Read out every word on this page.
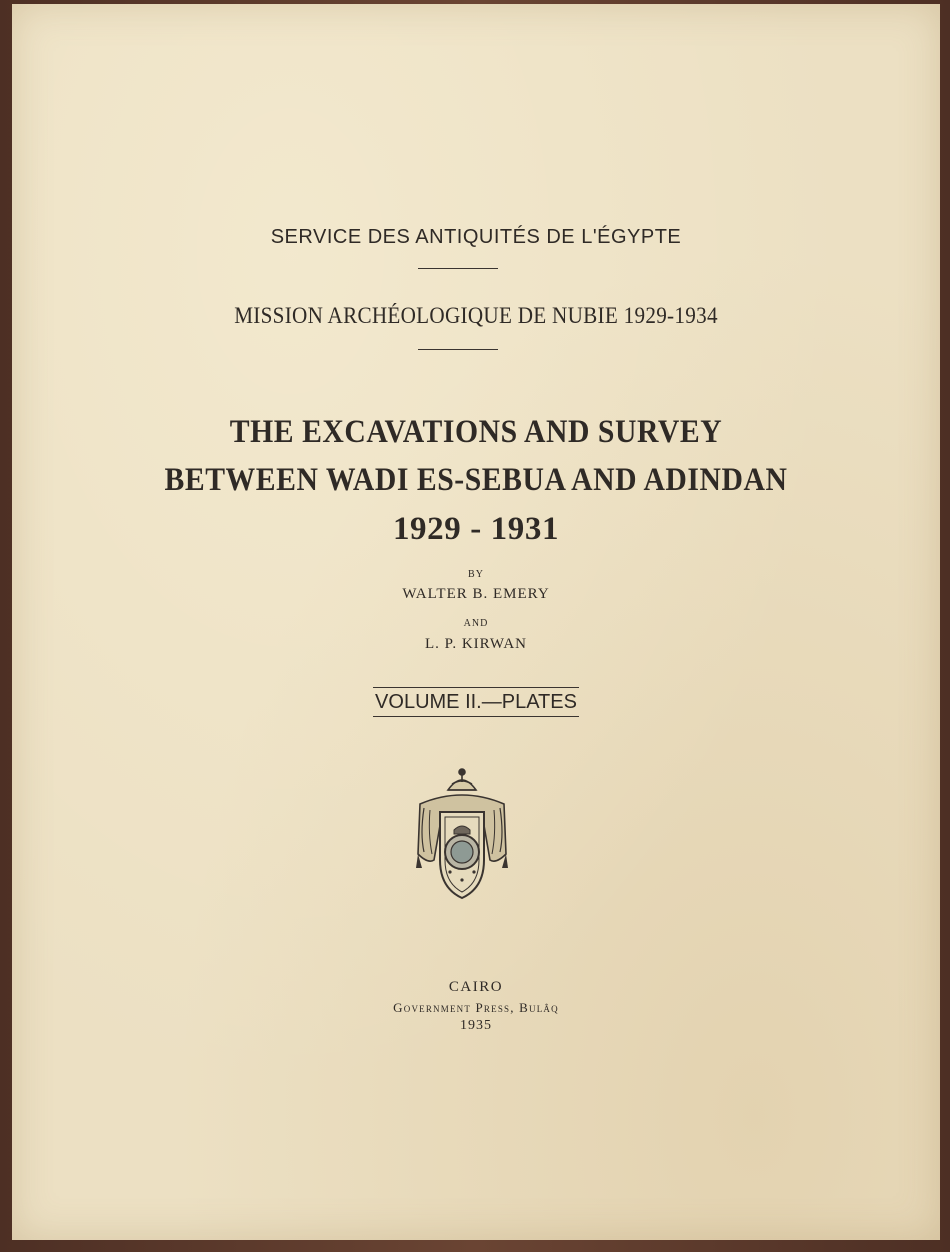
SERVICE DES ANTIQUITÉS DE L'ÉGYPTE
MISSION ARCHÉOLOGIQUE DE NUBIE 1929-1934
THE EXCAVATIONS AND SURVEY
BETWEEN WADI ES-SEBUA AND ADINDAN
1929 - 1931
BY
WALTER B. EMERY
AND
L. P. KIRWAN
VOLUME II.—PLATES
CAIRO
Government Press, Bulâq
1935
